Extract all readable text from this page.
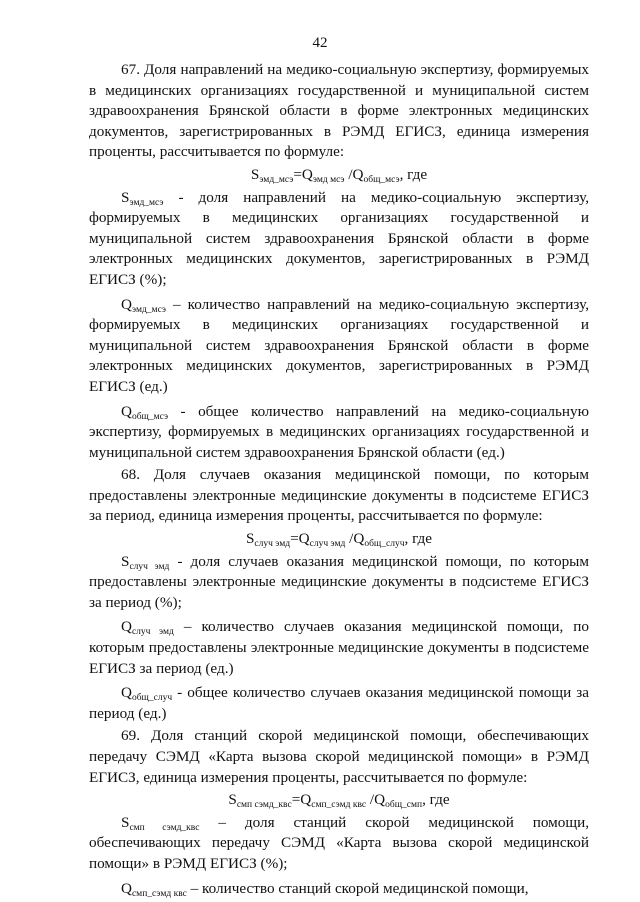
42

67. Доля направлений на медико-социальную экспертизу, формируемых в медицинских организациях государственной и муниципальной систем здравоохранения Брянской области в форме электронных медицинских документов, зарегистрированных в РЭМД ЕГИСЗ, единица измерения проценты, рассчитывается по формуле:

$S_{эмд\_мсэ}=Q_{эмд мсэ}$ $/Q_{общ\_мсэ}$, где

$S_{эмд\_мсэ}$ - доля направлений на медико-социальную экспертизу, формируемых в медицинских организациях государственной и муниципальной систем здравоохранения Брянской области в форме электронных медицинских документов, зарегистрированных в РЭМД ЕГИСЗ (%);

$Q_{эмд\_мсэ}$ – количество направлений на медико-социальную экспертизу, формируемых в медицинских организациях государственной и муниципальной систем здравоохранения Брянской области в форме электронных медицинских документов, зарегистрированных в РЭМД ЕГИСЗ (ед.)

$Q_{общ\_мсэ}$ - общее количество направлений на медико-социальную экспертизу, формируемых в медицинских организациях государственной и муниципальной систем здравоохранения Брянской области (ед.)

68. Доля случаев оказания медицинской помощи, по которым предоставлены электронные медицинские документы в подсистеме ЕГИСЗ за период, единица измерения проценты, рассчитывается по формуле:

$S_{случ эмд}=Q_{случ эмд}$ $/Q_{общ\_случ}$, где

$S_{случ эмд}$ - доля случаев оказания медицинской помощи, по которым предоставлены электронные медицинские документы в подсистеме ЕГИСЗ за период (%);

$Q_{случ эмд}$ – количество случаев оказания медицинской помощи, по которым предоставлены электронные медицинские документы в подсистеме ЕГИСЗ за период (ед.)

$Q_{общ\_случ}$ - общее количество случаев оказания медицинской помощи за период (ед.)

69. Доля станций скорой медицинской помощи, обеспечивающих передачу СЭМД «Карта вызова скорой медицинской помощи» в РЭМД ЕГИСЗ, единица измерения проценты, рассчитывается по формуле:

$S_{смп сэмд\_квс}=Q_{смп\_сэмд квс}$ $/Q_{общ\_смп}$, где

$S_{смп сэмд\_квс}$ – доля станций скорой медицинской помощи, обеспечивающих передачу СЭМД «Карта вызова скорой медицинской помощи» в РЭМД ЕГИСЗ (%);

$Q_{смп\_сэмд квс}$ – количество станций скорой медицинской помощи,
